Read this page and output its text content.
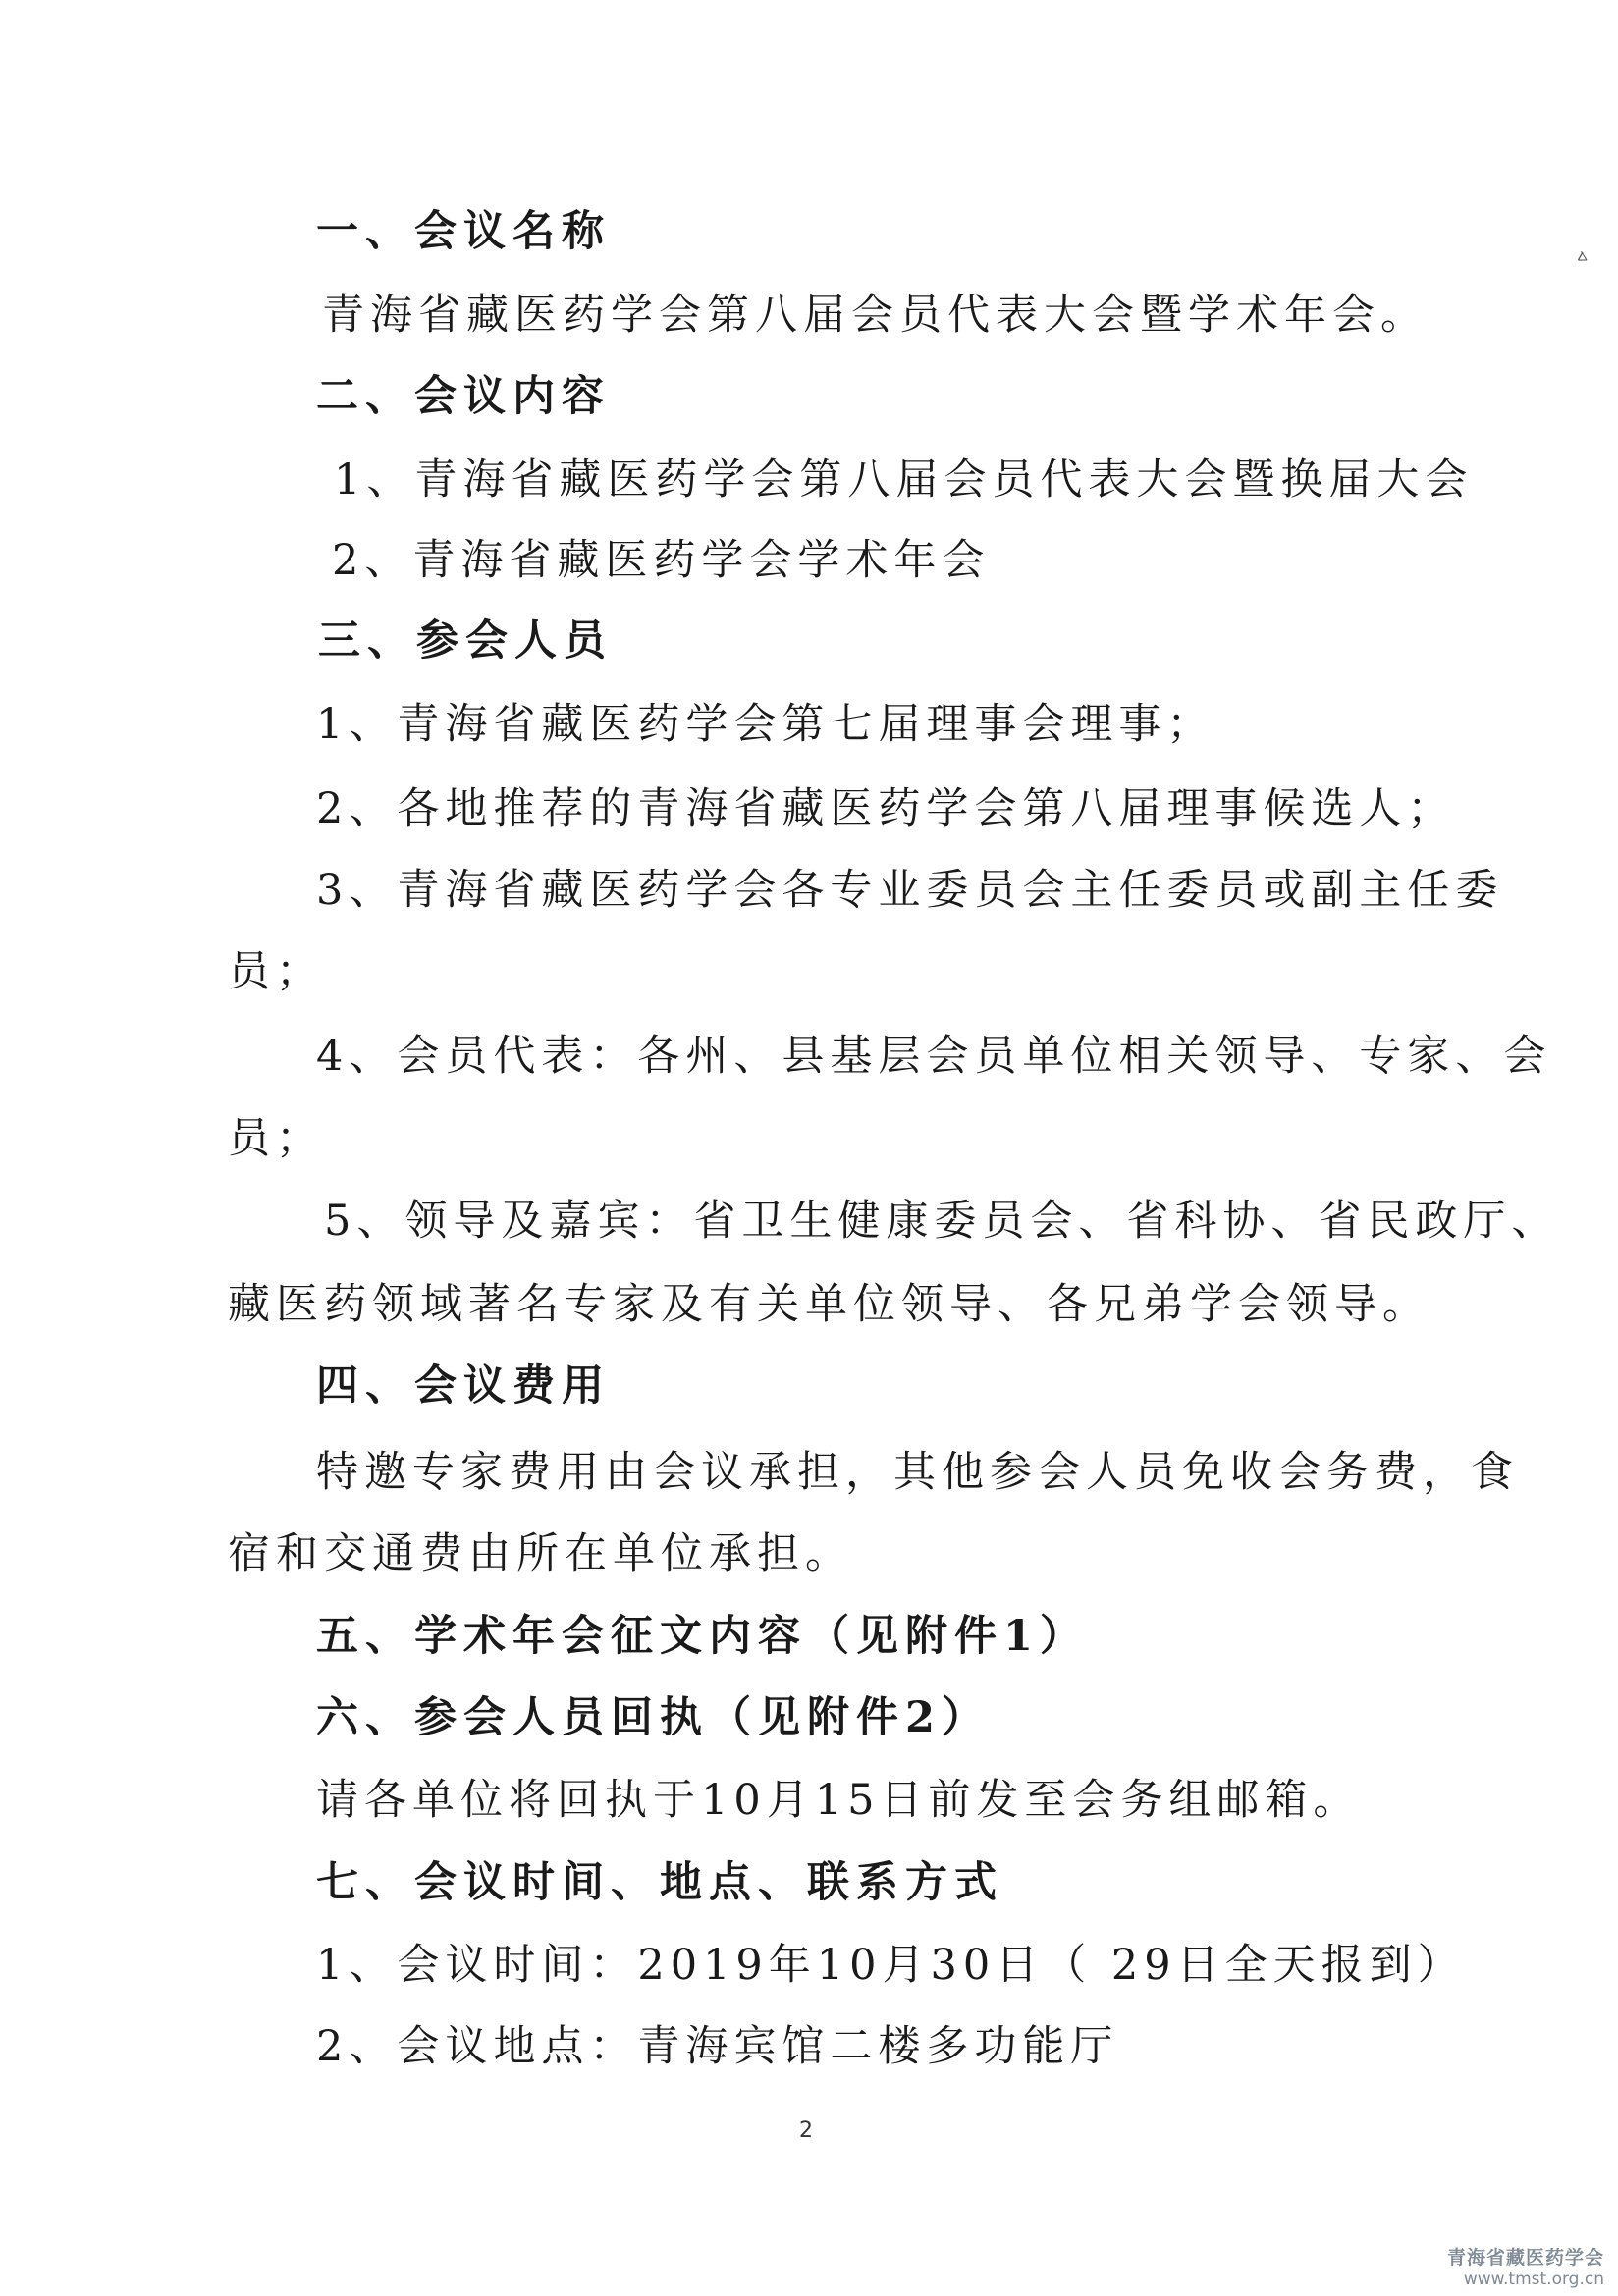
ㅿ
一、会议名称
青海省藏医药学会第八届会员代表大会暨学术年会。
二、会议内容
1、青海省藏医药学会第八届会员代表大会暨换届大会
2、青海省藏医药学会学术年会
三、参会人员
1、青海省藏医药学会第七届理事会理事；
2、各地推荐的青海省藏医药学会第八届理事候选人；
3、青海省藏医药学会各专业委员会主任委员或副主任委
员；
4、会员代表：各州、县基层会员单位相关领导、专家、会
员；
5、领导及嘉宾：省卫生健康委员会、省科协、省民政厅、
藏医药领域著名专家及有关单位领导、各兄弟学会领导。
四、会议费用
特邀专家费用由会议承担，其他参会人员免收会务费，食
宿和交通费由所在单位承担。
五、学术年会征文内容（见附件1）
六、参会人员回执（见附件2）
请各单位将回执于10月15日前发至会务组邮箱。
七、会议时间、地点、联系方式
1、会议时间：2019年10月30日（ 29日全天报到）
2、会议地点：青海宾馆二楼多功能厅
2
青海省藏医药学会
www.tmst.org.cn
